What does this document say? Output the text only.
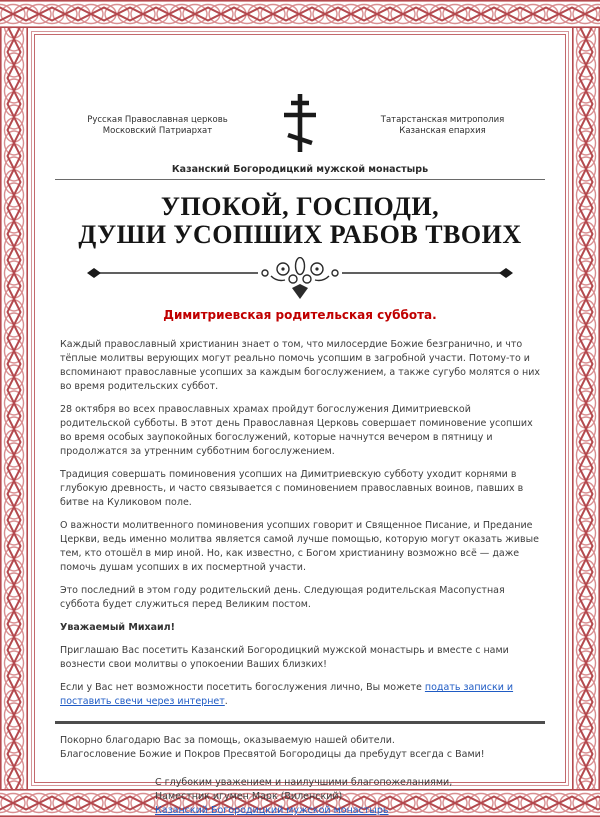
Русская Православная церковь
Московский Патриархат
Татарстанская митрополия
Казанская епархия
Казанский Богородицкий мужской монастырь
УПОКОЙ, ГОСПОДИ,
ДУШИ УСОПШИХ РАБОВ ТВОИХ
Димитриевская родительская суббота.

Каждый православный христианин знает о том, что милосердие Божие безгранично, и что тёплые молитвы верующих могут реально помочь усопшим в загробной участи. Потому-то и вспоминают православные усопших за каждым богослужением, а также сугубо молятся о них во время родительских суббот.

28 октября во всех православных храмах пройдут богослужения Димитриевской родительской субботы. В этот день Православная Церковь совершает поминовение усопших во время особых заупокойных богослужений, которые начнутся вечером в пятницу и продолжатся за утренним субботним богослужением.

Традиция совершать поминовения усопших на Димитриевскую субботу уходит корнями в глубокую древность, и часто связывается с поминовением православных воинов, павших в битве на Куликовом поле.

О важности молитвенного поминовения усопших говорит и Священное Писание, и Предание Церкви, ведь именно молитва является самой лучше помощью, которую могут оказать живые тем, кто отошёл в мир иной. Но, как известно, с Богом христианину возможно всё — даже помочь душам усопших в их посмертной участи.

Это последний в этом году родительский день. Следующая родительская Масопустная суббота будет служиться перед Великим постом.

Уважаемый Михаил!

Приглашаю Вас посетить Казанский Богородицкий мужской монастырь и вместе с нами вознести свои молитвы о упокоении Ваших близких!

Если у Вас нет возможности посетить богослужения лично, Вы можете подать записки и поставить свечи через интернет.

Покорно благодарю Вас за помощь, оказываемую нашей обители.

Благословение Божие и Покров Пресвятой Богородицы да пребудут всегда с Вами!

С глубоким уважением и наилучшими благопожеланиями,
Наместник игумен Марк (Виленский)
Казанский Богородицкий мужской монастырь
